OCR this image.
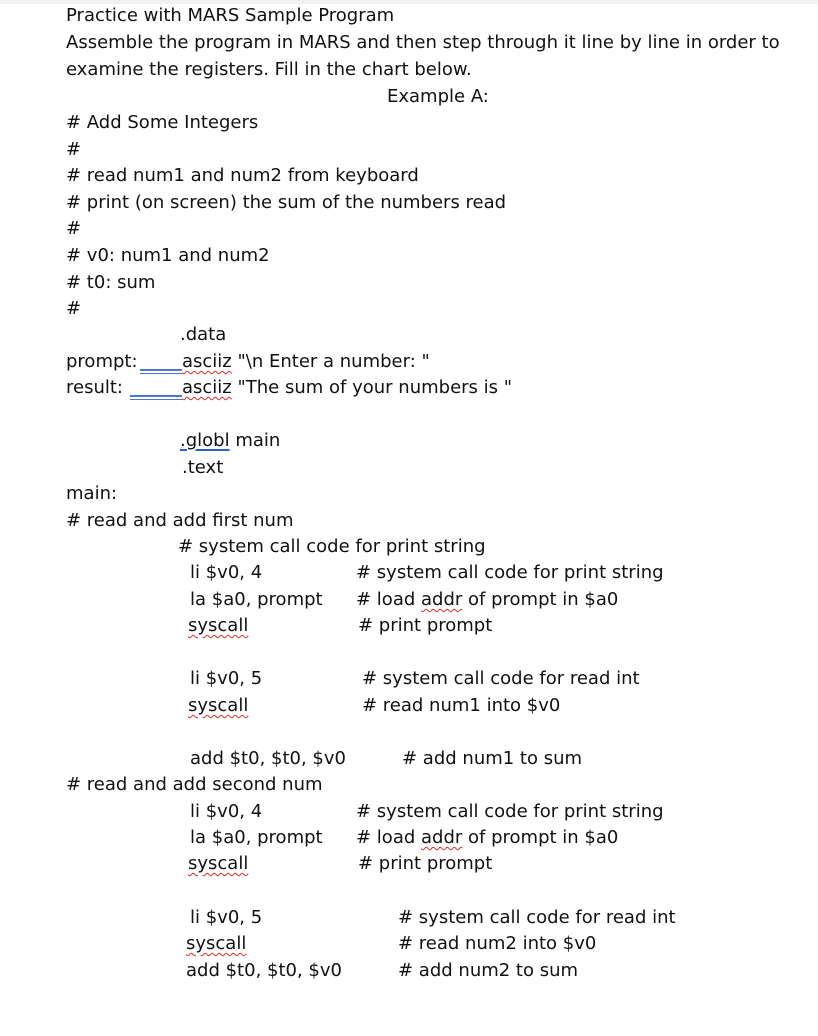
Practice with MARS Sample Program
Assemble the program in MARS and then step through it line by line in order to
examine the registers. Fill in the chart below.
Example A:
# Add Some Integers
#
# read num1 and num2 from keyboard
# print (on screen) the sum of the numbers read
#
# v0: num1 and num2
# t0: sum
#
.data
prompt: asciiz "\n Enter a number: "
result:	asciiz "The sum of your numbers is "
.globl main
.text
main:
# read and add first num
# system call code for print string
li $v0, 4	# system call code for print string
la $a0, prompt # load addr of prompt in $a0
syscall	# print prompt
li $v0, 5	# system call code for read int
syscall	# read num1 into $v0
add $t0, $t0, $v0	# add num1 to sum
# read and add second num
li $v0, 4	# system call code for print string
la $a0, prompt # load addr of prompt in $a0
syscall	# print prompt
li $v0, 5	# system call code for read int
syscall	# read num2 into $v0
add $t0, $t0, $v0	# add num2 to sum
